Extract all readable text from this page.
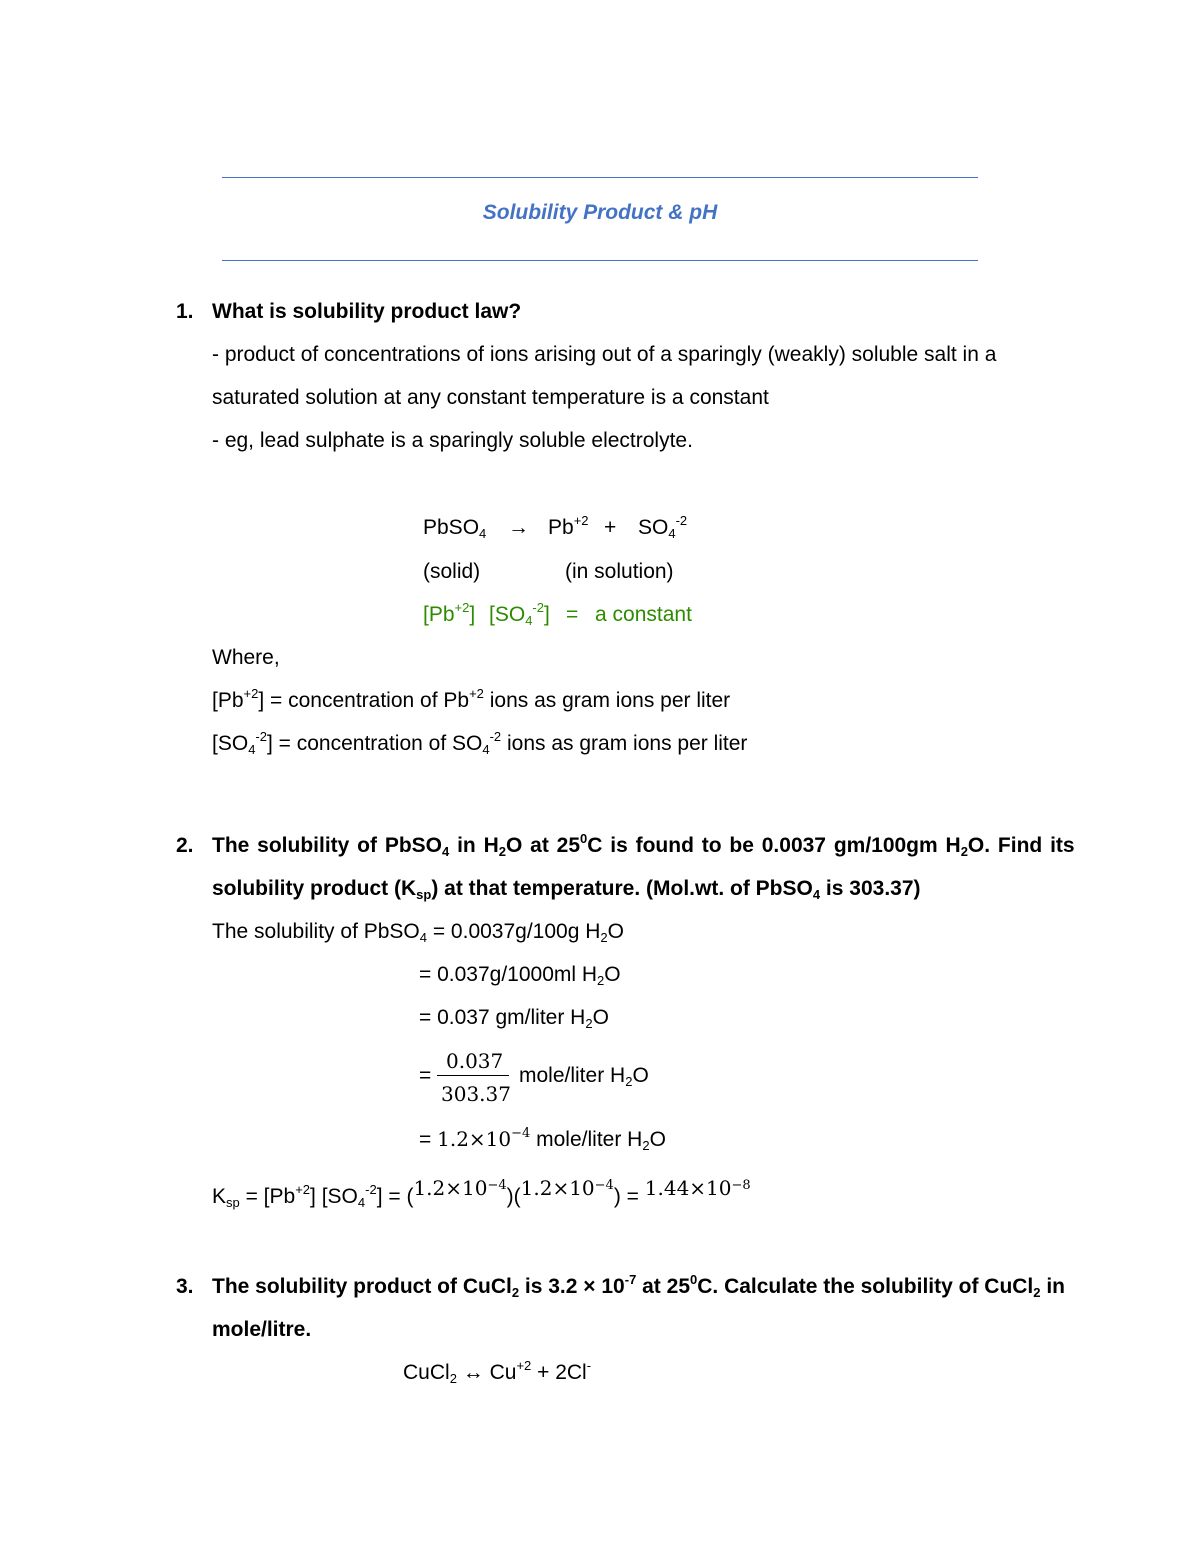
Solubility Product & pH
1. What is solubility product law?
- product of concentrations of ions arising out of a sparingly (weakly) soluble salt in a
saturated solution at any constant temperature is a constant
- eg, lead sulphate is a sparingly soluble electrolyte.
PbSO$_4$ → $Pb^{+2} + SO_4^{-2}$
(solid)	(in solution)
$[Pb^{+2}] [SO_4^{-2}] = a$ constant
Where,
$[Pb^{+2}]$ = concentration of $Pb^{+2}$ ions as gram ions per liter
$[SO_4^{-2}]$ = concentration of $SO_4^{-2}$ ions as gram ions per liter
2. The solubility of PbSO$_4$ in $H_2O$ at $25^0C$ is found to be 0.0037 gm/100gm $H_2O$. Find its
solubility product $(K_{sp})$ at that temperature. (Mol.wt. of PbSO$_4$ is 303.37)
The solubility of PbSO$_4$ = 0.0037g/100g $H_2O$
= 0.037g/1000ml $H_2O$
= 0.037 gm/liter $H_2O$
=
0.037
303.37
mole/liter $H_2O$
= $1.2\times 10^{-4}$ mole/liter $H_2O$
$K_{sp} = [Pb^{+2}] [SO_4^{-2}] = (1.2\times 10^{-4})(1.2\times 10^{-4}) = 1.44\times 10^{-8}$
3. The solubility product of CuCl$_2$ is $3.2 \times 10^{-7}$ at $25^0C$. Calculate the solubility of CuCl$_2$ in
mole/litre.
CuCl$_2$ ↔ $Cu^{+2} + 2Cl^-$
